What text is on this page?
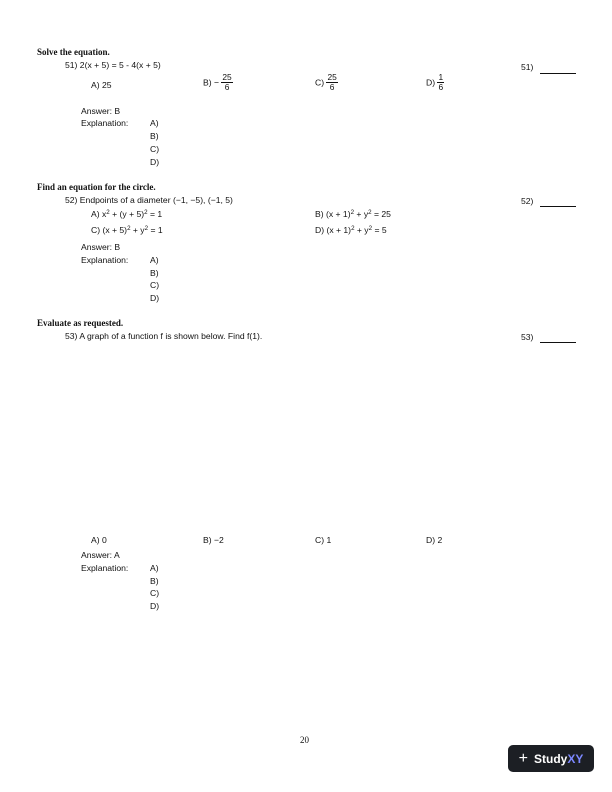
Solve the equation.
51) 2(x + 5) = 5 - 4(x + 5)	51)
A) 25	$B) - \frac{25}{6}$	$C) \frac{25}{6}$	$D) \frac{1}{6}$
Answer: B
Explanation:	A)
B)
C)
D)
Find an equation for the circle.
52) Endpoints of a diameter (−1, −5), (−1, 5)	52)
A) $x^2 + (y + 5)^2 = 1$	B) $(x + 1)^2 + y^2 = 25$
C) $(x + 5)^2 + y^2 = 1$	D) $(x + 1)^2 + y^2 = 5$
Answer: B
Explanation:	A)
B)
C)
D)
Evaluate as requested.
53) A graph of a function f is shown below. Find f(1).	53)
A) 0	B) −2	C) 1	D) 2
Answer: A
Explanation:	A)
B)
C)
D)
20
+ StudyXY
